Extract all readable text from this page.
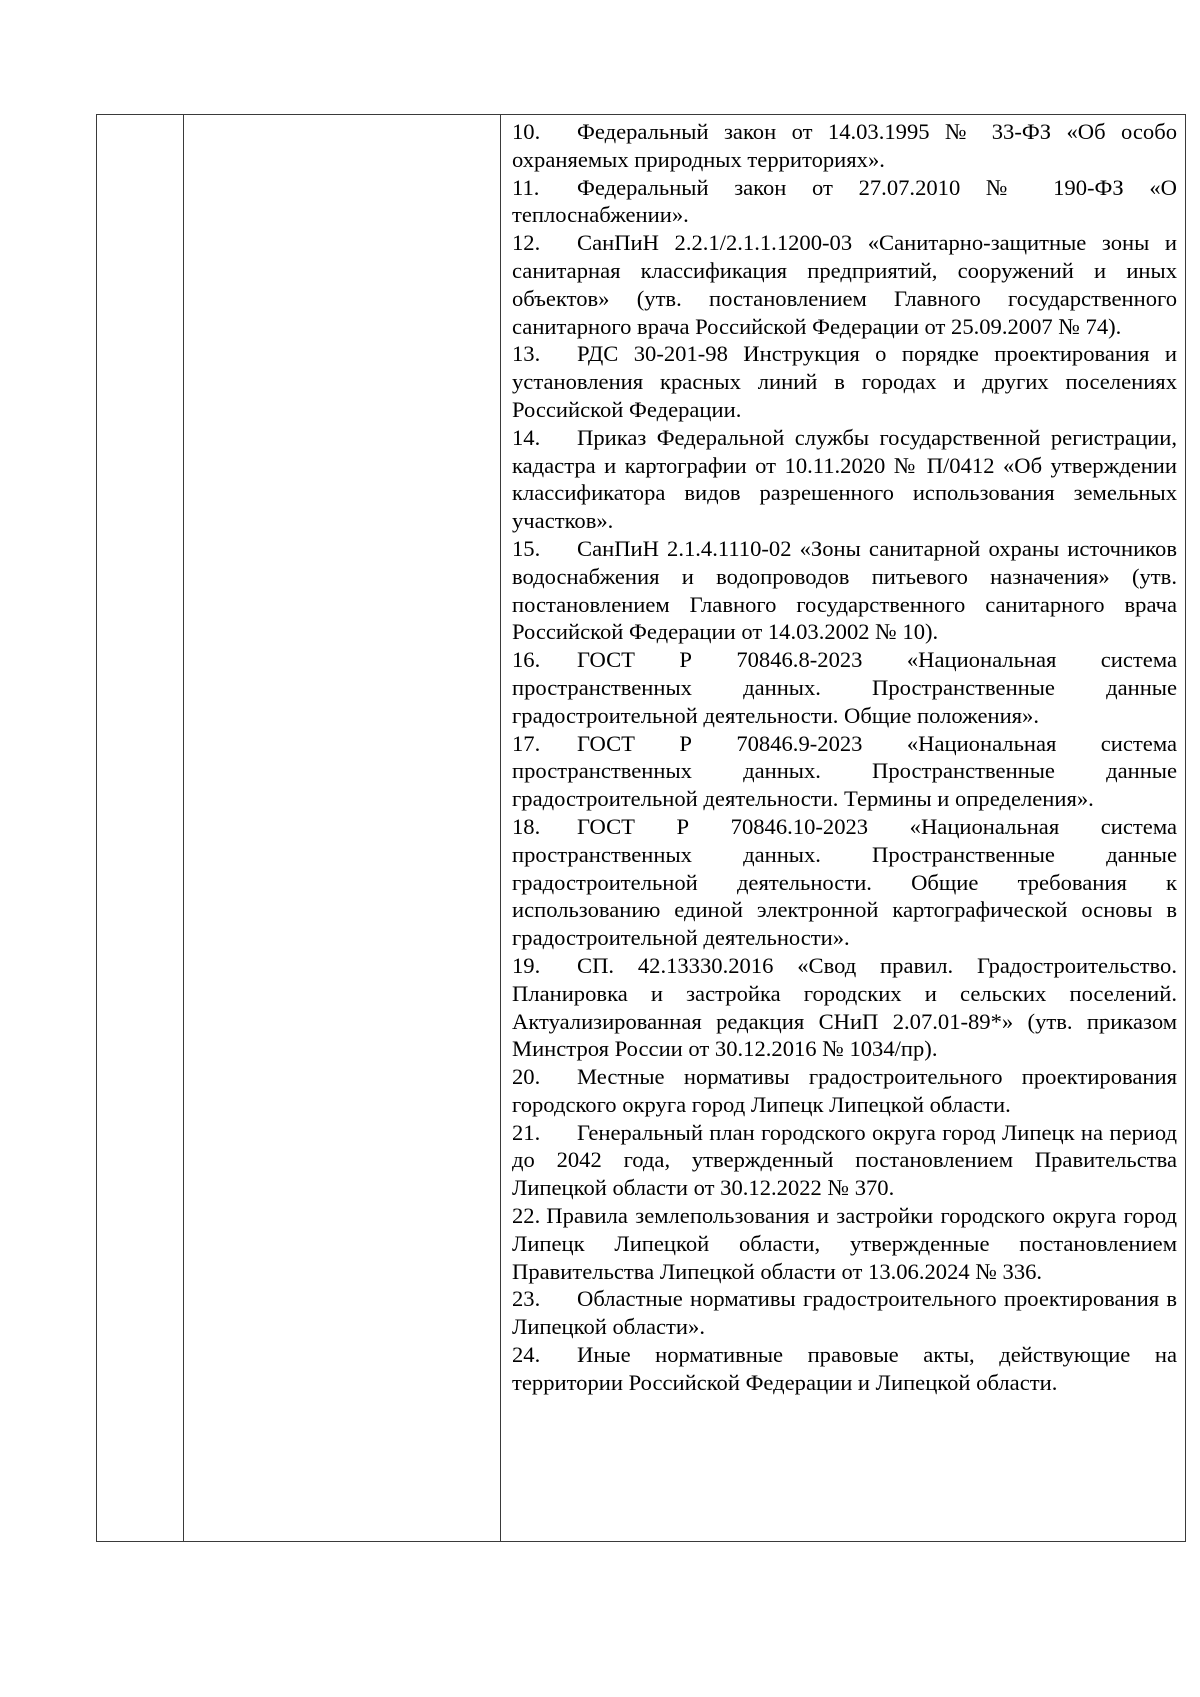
10. Федеральный закон от 14.03.1995 № 33-ФЗ «Об особо охраняемых природных территориях».

11. Федеральный закон от 27.07.2010 № 190-ФЗ «О теплоснабжении».

12. СанПиН 2.2.1/2.1.1.1200-03 «Санитарно-защитные зоны и санитарная классификация предприятий, сооружений и иных объектов» (утв. постановлением Главного государственного санитарного врача Российской Федерации от 25.09.2007 № 74).

13. РДС 30-201-98 Инструкция о порядке проектирования и установления красных линий в городах и других поселениях Российской Федерации.

14. Приказ Федеральной службы государственной регистрации, кадастра и картографии от 10.11.2020 № П/0412 «Об утверждении классификатора видов разрешенного использования земельных участков».

15. СанПиН 2.1.4.1110-02 «Зоны санитарной охраны источников водоснабжения и водопроводов питьевого назначения» (утв. постановлением Главного государственного санитарного врача Российской Федерации от 14.03.2002 № 10).

16. ГОСТ Р 70846.8-2023 «Национальная система пространственных данных. Пространственные данные градостроительной деятельности. Общие положения».

17. ГОСТ Р 70846.9-2023 «Национальная система пространственных данных. Пространственные данные градостроительной деятельности. Термины и определения».

18. ГОСТ Р 70846.10-2023 «Национальная система пространственных данных. Пространственные данные градостроительной деятельности. Общие требования к использованию единой электронной картографической основы в градостроительной деятельности».

19. СП. 42.13330.2016 «Свод правил. Градостроительство. Планировка и застройка городских и сельских поселений. Актуализированная редакция СНиП 2.07.01-89*» (утв. приказом Минстроя России от 30.12.2016 № 1034/пр).

20. Местные нормативы градостроительного проектирования городского округа город Липецк Липецкой области.

21. Генеральный план городского округа город Липецк на период до 2042 года, утвержденный постановлением Правительства Липецкой области от 30.12.2022 № 370.

22. Правила землепользования и застройки городского округа город Липецк Липецкой области, утвержденные постановлением Правительства Липецкой области от 13.06.2024 № 336.

23. Областные нормативы градостроительного проектирования в Липецкой области».

24. Иные нормативные правовые акты, действующие на территории Российской Федерации и Липецкой области.
